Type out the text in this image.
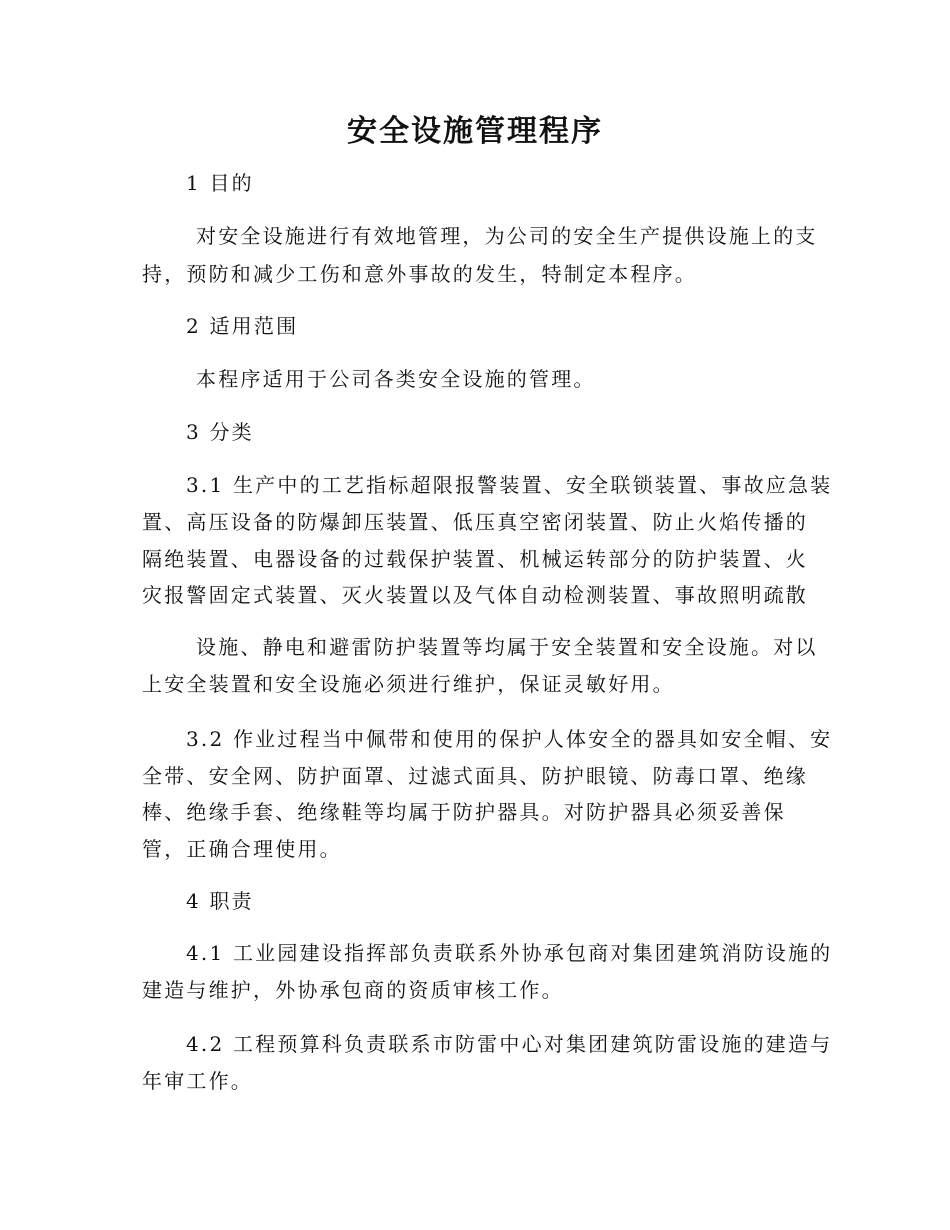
安全设施管理程序
1 目的
对安全设施进行有效地管理，为公司的安全生产提供设施上的支
持，预防和减少工伤和意外事故的发生，特制定本程序。
2 适用范围
本程序适用于公司各类安全设施的管理。
3 分类
3.1 生产中的工艺指标超限报警装置、安全联锁装置、事故应急装
置、高压设备的防爆卸压装置、低压真空密闭装置、防止火焰传播的
隔绝装置、电器设备的过载保护装置、机械运转部分的防护装置、火
灾报警固定式装置、灭火装置以及气体自动检测装置、事故照明疏散
设施、静电和避雷防护装置等均属于安全装置和安全设施。对以
上安全装置和安全设施必须进行维护，保证灵敏好用。
3.2 作业过程当中佩带和使用的保护人体安全的器具如安全帽、安
全带、安全网、防护面罩、过滤式面具、防护眼镜、防毒口罩、绝缘
棒、绝缘手套、绝缘鞋等均属于防护器具。对防护器具必须妥善保
管，正确合理使用。
4 职责
4.1 工业园建设指挥部负责联系外协承包商对集团建筑消防设施的
建造与维护，外协承包商的资质审核工作。
4.2 工程预算科负责联系市防雷中心对集团建筑防雷设施的建造与
年审工作。
